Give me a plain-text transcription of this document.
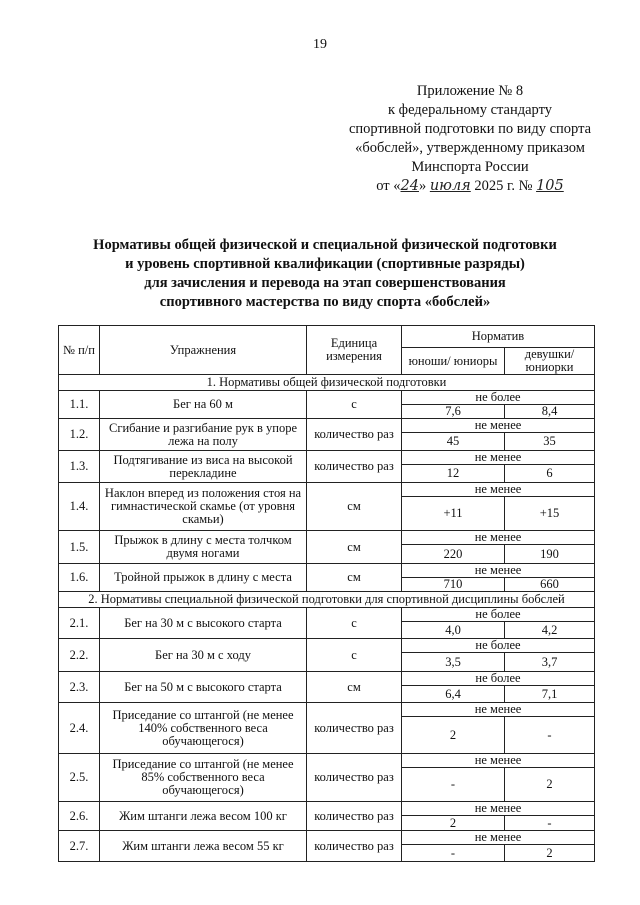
19
Приложение № 8
к федеральному стандарту
спортивной подготовки по виду спорта
«бобслей», утвержденному приказом
Минспорта России
от «24» июля 2025 г. № 105
Нормативы общей физической и специальной физической подготовки
и уровень спортивной квалификации (спортивные разряды)
для зачисления и перевода на этап совершенствования
спортивного мастерства по виду спорта «бобслей»
№ п/п	Упражнения	Единица измерения	Норматив	
			юноши/ юниоры	девушки/ юниорки
1. Нормативы общей физической подготовки				
1.1.	Бег на 60 м	с	не более	
			7,6	8,4
1.2.	Сгибание и разгибание рук в упоре лежа на полу	количество раз	не менее	
			45	35
1.3.	Подтягивание из виса на высокой перекладине	количество раз	не менее	
			12	6
1.4.	Наклон вперед из положения стоя на гимнастической скамье (от уровня скамьи)	см	не менее	
			+11	+15
1.5.	Прыжок в длину с места толчком двумя ногами	см	не менее	
			220	190
1.6.	Тройной прыжок в длину с места	см	не менее	
			710	660
2. Нормативы специальной физической подготовки для спортивной дисциплины бобслей				
2.1.	Бег на 30 м с высокого старта	с	не более	
			4,0	4,2
2.2.	Бег на 30 м с ходу	с	не более	
			3,5	3,7
2.3.	Бег на 50 м с высокого старта	см	не более	
			6,4	7,1
2.4.	Приседание со штангой (не менее 140% собственного веса обучающегося)	количество раз	не менее	
			2	-
2.5.	Приседание со штангой (не менее 85% собственного веса обучающегося)	количество раз	не менее	
			-	2
2.6.	Жим штанги лежа весом 100 кг	количество раз	не менее	
			2	-
2.7.	Жим штанги лежа весом 55 кг	количество раз	не менее	
			-	2
